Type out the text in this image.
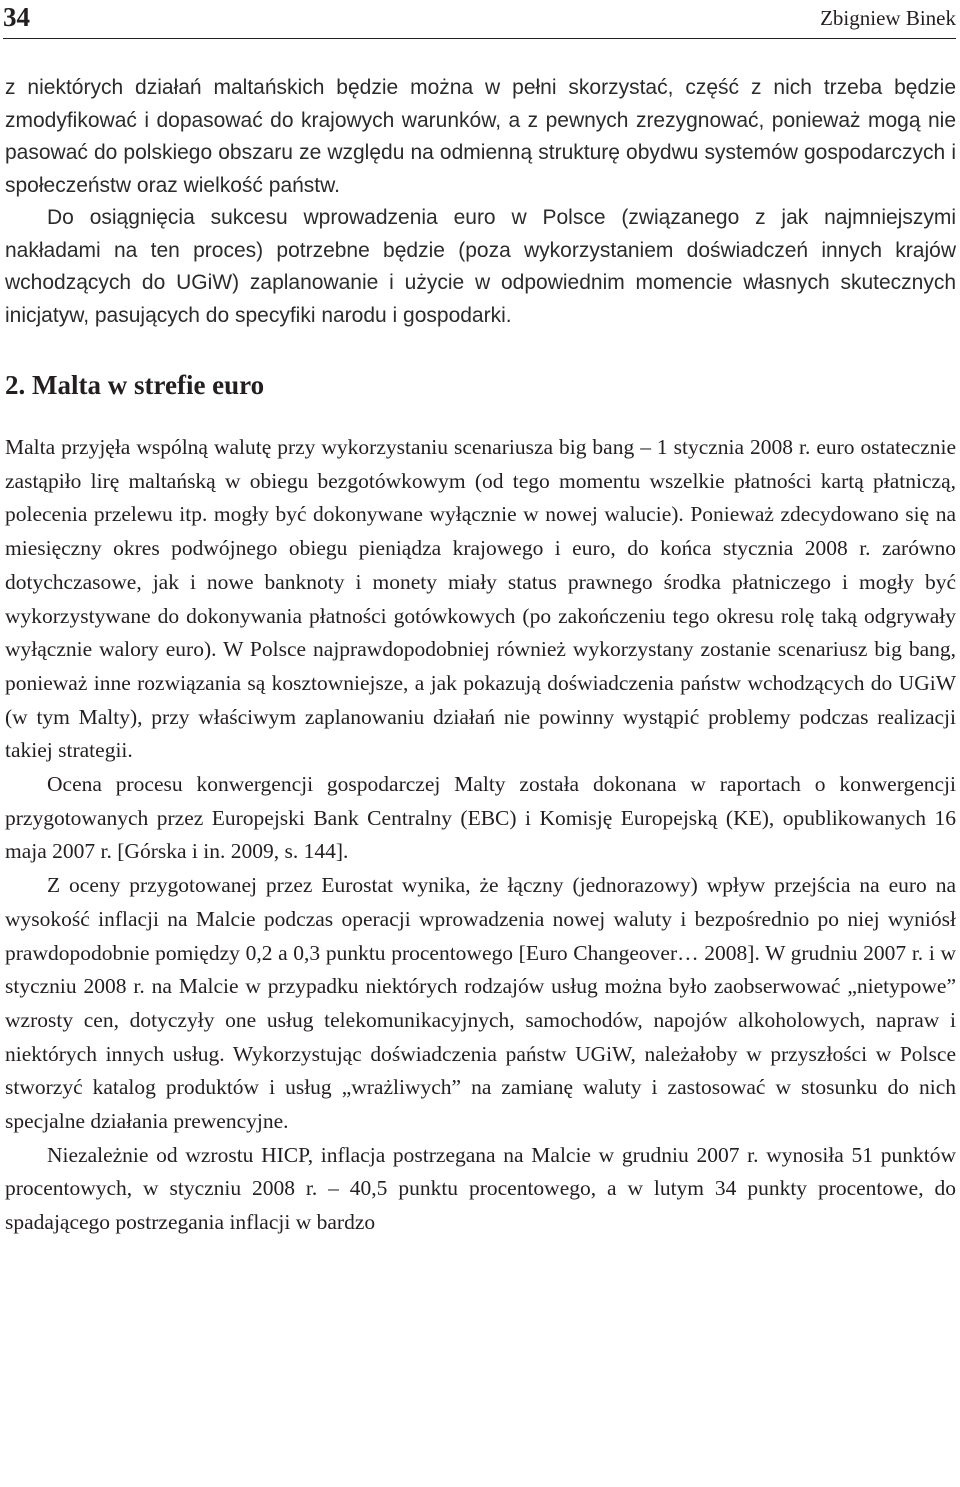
34	Zbigniew Binek

z niektórych działań maltańskich będzie można w pełni skorzystać, część z nich trzeba będzie zmodyfikować i dopasować do krajowych warunków, a z pewnych zrezygnować, ponieważ mogą nie pasować do polskiego obszaru ze względu na odmienną strukturę obydwu systemów gospodarczych i społeczeństw oraz wielkość państw.

Do osiągnięcia sukcesu wprowadzenia euro w Polsce (związanego z jak najmniejszymi nakładami na ten proces) potrzebne będzie (poza wykorzystaniem doświadczeń innych krajów wchodzących do UGiW) zaplanowanie i użycie w odpowiednim momencie własnych skutecznych inicjatyw, pasujących do specyfiki narodu i gospodarki.

2. Malta w strefie euro

Malta przyjęła wspólną walutę przy wykorzystaniu scenariusza big bang – 1 stycznia 2008 r. euro ostatecznie zastąpiło lirę maltańską w obiegu bezgotówkowym (od tego momentu wszelkie płatności kartą płatniczą, polecenia przelewu itp. mogły być dokonywane wyłącznie w nowej walucie). Ponieważ zdecydowano się na miesięczny okres podwójnego obiegu pieniądza krajowego i euro, do końca stycznia 2008 r. zarówno dotychczasowe, jak i nowe banknoty i monety miały status prawnego środka płatniczego i mogły być wykorzystywane do dokonywania płatności gotówkowych (po zakończeniu tego okresu rolę taką odgrywały wyłącznie walory euro). W Polsce najprawdopodobniej również wykorzystany zostanie scenariusz big bang, ponieważ inne rozwiązania są kosztowniejsze, a jak pokazują doświadczenia państw wchodzących do UGiW (w tym Malty), przy właściwym zaplanowaniu działań nie powinny wystąpić problemy podczas realizacji takiej strategii.

Ocena procesu konwergencji gospodarczej Malty została dokonana w raportach o konwergencji przygotowanych przez Europejski Bank Centralny (EBC) i Komisję Europejską (KE), opublikowanych 16 maja 2007 r. [Górska i in. 2009, s. 144].

Z oceny przygotowanej przez Eurostat wynika, że łączny (jednorazowy) wpływ przejścia na euro na wysokość inflacji na Malcie podczas operacji wprowadzenia nowej waluty i bezpośrednio po niej wyniósł prawdopodobnie pomiędzy 0,2 a 0,3 punktu procentowego [Euro Changeover… 2008]. W grudniu 2007 r. i w styczniu 2008 r. na Malcie w przypadku niektórych rodzajów usług można było zaobserwować „nietypowe” wzrosty cen, dotyczyły one usług telekomunikacyjnych, samochodów, napojów alkoholowych, napraw i niektórych innych usług. Wykorzystując doświadczenia państw UGiW, należałoby w przyszłości w Polsce stworzyć katalog produktów i usług „wrażliwych” na zamianę waluty i zastosować w stosunku do nich specjalne działania prewencyjne.

Niezależnie od wzrostu HICP, inflacja postrzegana na Malcie w grudniu 2007 r. wynosiła 51 punktów procentowych, w styczniu 2008 r. – 40,5 punktu procentowego, a w lutym 34 punkty procentowe, do spadającego postrzegania inflacji w bardzo
